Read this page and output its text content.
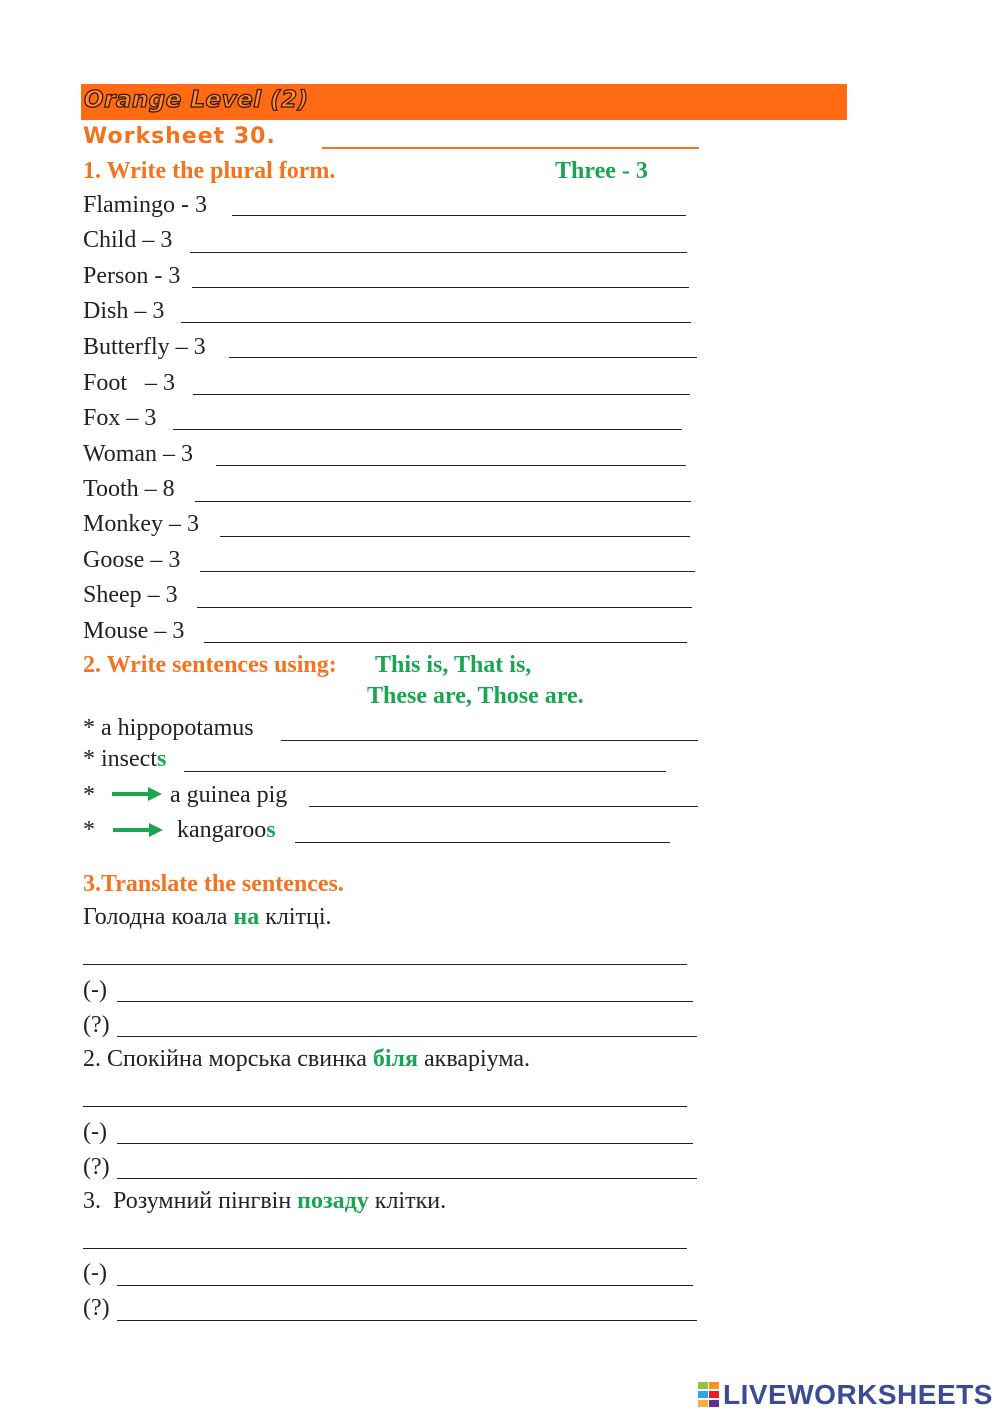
Orange Level (2)
Worksheet 30.
1. Write the plural form.	Three - 3
Flamingo - 3
Child – 3
Person - 3
Dish – 3
Butterfly – 3
Foot   – 3
Fox – 3
Woman – 3
Tooth – 8
Monkey – 3
Goose – 3
Sheep – 3
Mouse – 3
2. Write sentences using: This is, That is,
These are, Those are.
* a hippopotamus
* insects
*	a guinea pig
*	kangaroos
3.Translate the sentences.
Голодна коала на клітці.
(-)
(?)
2. Спокійна морська свинка біля акваріума.
(-)
(?)
3.  Розумний пінгвін позаду клітки.
(-)
(?)
LIVEWORKSHEETS
